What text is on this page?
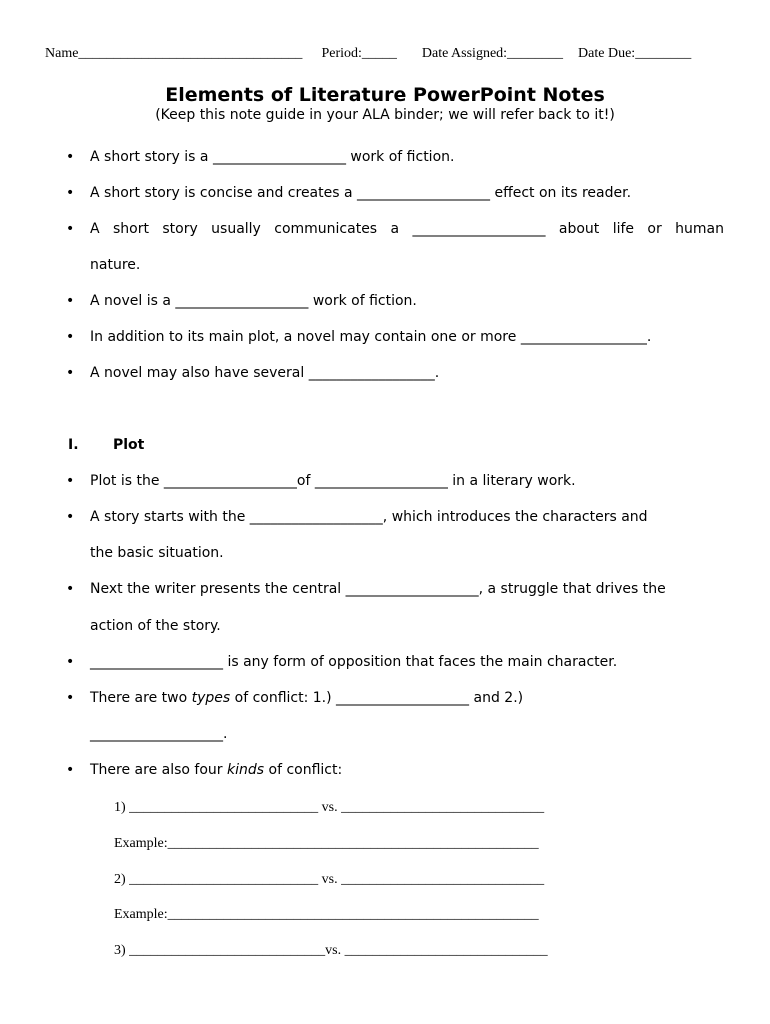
Name________________________________ Period:_____ Date Assigned:________ Date Due:________
Elements of Literature PowerPoint Notes
(Keep this note guide in your ALA binder; we will refer back to it!)
• A short story is a ___________________ work of fiction.
• A short story is concise and creates a ___________________ effect on its reader.
• A short story usually communicates a ___________________ about life or human
nature.
• A novel is a ___________________ work of fiction.
• In addition to its main plot, a novel may contain one or more __________________.
• A novel may also have several __________________.
I. Plot
• Plot is the ___________________of ___________________ in a literary work.
• A story starts with the ___________________, which introduces the characters and
the basic situation.
• Next the writer presents the central ___________________, a struggle that drives the
action of the story.
• ___________________ is any form of opposition that faces the main character.
• There are two types of conflict: 1.) ___________________ and 2.)
___________________.
• There are also four kinds of conflict:
1) ___________________________ vs. _____________________________
Example:_____________________________________________________
2) ___________________________ vs. _____________________________
Example:_____________________________________________________
3) ____________________________vs. _____________________________
